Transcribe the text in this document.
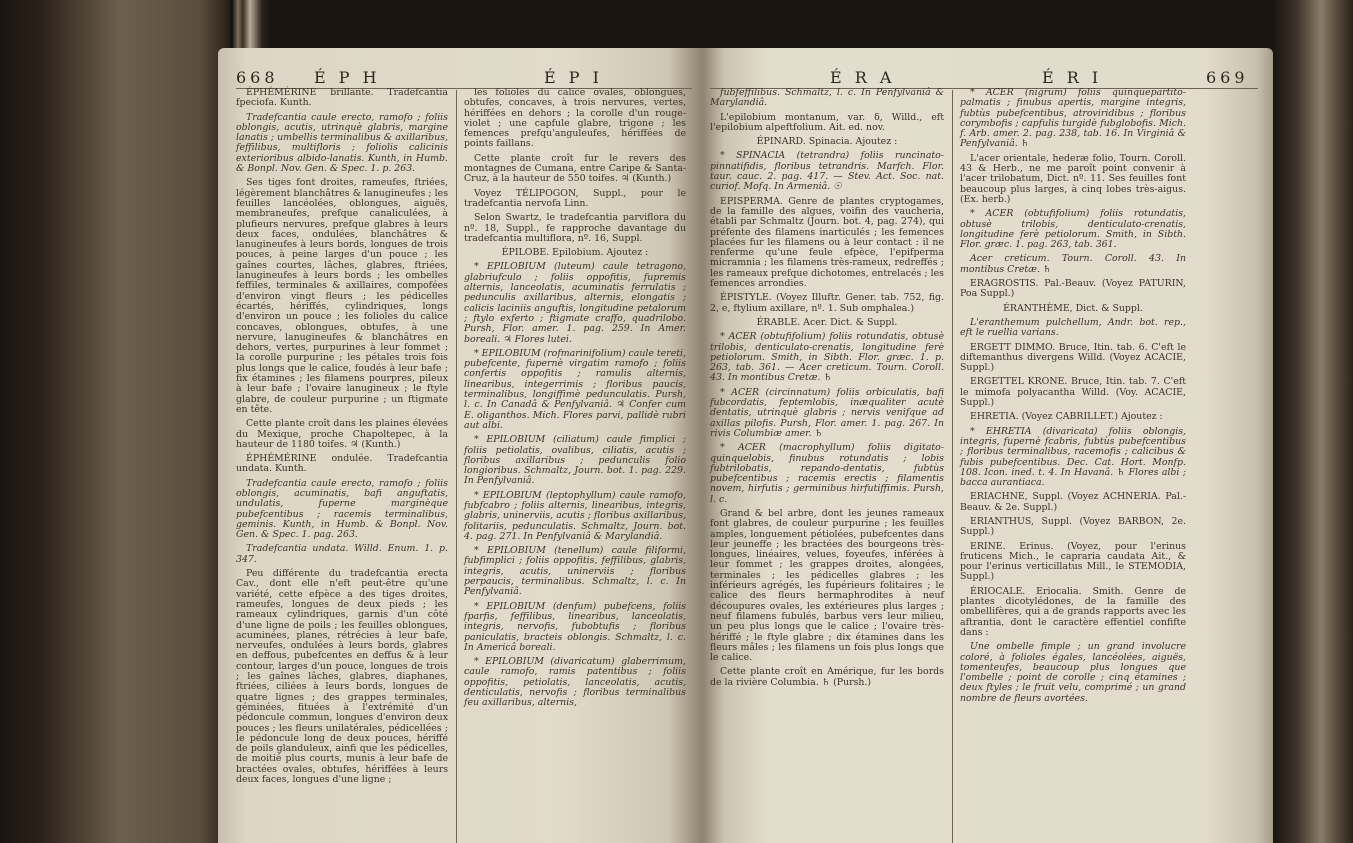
668 É P H	É P I

ÉPHÉMÉRINE brillante. Tradefcantia fpeciofa. Kunth.

Tradefcantia caule erecto, ramofo ; foliis oblongis, acutis, utrinquè glabris, margine lanatis ; umbellis terminalibus & axillaribus, feffilibus, multifloris ; foliolis calicinis exterioribus albido-lanatis. Kunth, in Humb. & Bonpl. Nov. Gen. & Spec. 1. p. 263.

Ses tiges font droites, rameufes, ftriées, légèrement blanchâtres & lanugineufes ; les feuilles lancéolées, oblongues, aiguës, membraneufes, prefque canaliculées, à plufieurs nervures, prefque glabres à leurs deux faces, ondulées, blanchâtres & lanugineufes à leurs bords, longues de trois pouces, à peine larges d'un pouce ; les gaînes courtes, lâches, glabres, ftriées, lanugineufes à leurs bords ; les ombelles feffiles, terminales & axillaires, compofées d'environ vingt fleurs ; les pédicelles écartés, hériffés, cylindriques, longs d'environ un pouce ; les folioles du calice concaves, oblongues, obtufes, à une nervure, lanugineufes & blanchâtres en dehors, vertes, purpurines à leur fommet ; la corolle purpurine ; les pétales trois fois plus longs que le calice, foudés à leur bafe ; fix étamines ; les filamens pourpres, pileux à leur bafe ; l'ovaire lanugineux ; le ftyle glabre, de couleur purpurine ; un ftigmate en tête.

Cette plante croît dans les plaines élevées du Mexique, proche Chapoltepec, à la hauteur de 1180 toifes. ♃ (Kunth.)

ÉPHÉMÉRINE ondulée. Tradefcantia undata. Kunth.

Tradefcantia caule erecto, ramofo ; foliis oblongis, acuminatis, bafi anguftatis, undulatis, fuperne marginèque pubefcentibus ; racemis terminalibus, geminis. Kunth, in Humb. & Bonpl. Nov. Gen. & Spec. 1. pag. 263.

Tradefcantia undata. Willd. Enum. 1. p. 347.

Peu différente du tradefcantia erecta Cav., dont elle n'eft peut-être qu'une variété, cette efpèce a des tiges droites, rameufes, longues de deux pieds ; les rameaux cylindriques, garnis d'un côté d'une ligne de poils ; les feuilles oblongues, acuminées, planes, rétrécies à leur bafe, nerveufes, ondulées à leurs bords, glabres en deffous, pubefcentes en deffus & à leur contour, larges d'un pouce, longues de trois ; les gaînes lâches, glabres, diaphanes, ftriées, ciliées à leurs bords, longues de quatre lignes ; des grappes terminales, géminées, fituées à l'extrémité d'un pédoncule commun, longues d'environ deux pouces ; les fleurs unilatérales, pédicellées ; le pédoncule long de deux pouces, hériffé de poils glanduleux, ainfi que les pédicelles, de moitié plus courts, munis à leur bafe de bractées ovales, obtufes, hériffées à leurs deux faces, longues d'une ligne ;

les folioles du calice ovales, oblongues, obtufes, concaves, à trois nervures, vertes, hériffées en dehors ; la corolle d'un rouge-violet ; une capfule glabre, trigone ; les femences prefqu'anguleufes, hériffées de points faillans.

Cette plante croît fur le revers des montagnes de Cumana, entre Caripe & Santa-Cruz, à la hauteur de 550 toifes. ♃ (Kunth.)

Voyez TÉLIPOGON, Suppl., pour le tradefcantia nervofa Linn.

Selon Swartz, le tradefcantia parviflora du nº. 18, Suppl., fe rapproche davantage du tradefcantia multiflora, nº. 16, Suppl.

ÉPILOBE. Epilobium. Ajoutez :

* EPILOBIUM (luteum) caule tetragono, glabriufculo ; foliis oppofitis, fupremis alternis, lanceolatis, acuminatis ferrulatis ; pedunculis axillaribus, alternis, elongatis ; calicis laciniis anguftis, longitudine petalorum ; ftylo exferto ; ftigmate craffo, quadrilobo. Pursh, Flor. amer. 1. pag. 259. In Amer. boreali. ♃ Flores lutei.

* EPILOBIUM (rofmarinifolium) caule tereti, pubefcente, fupernè virgatim ramofo ; foliis confertis oppofitis ; ramulis alternis, linearibus, integerrimis ; floribus paucis, terminalibus, longiffimè pedunculatis. Pursh, l. c. In Canadâ & Penfylvaniâ. ♃ Confer cum E. oliganthos. Mich. Flores parvi, pallidè rubri aut albi.

* EPILOBIUM (ciliatum) caule fimplici ; foliis petiolatis, ovalibus, ciliatis, acutis ; floribus axillaribus ; pedunculis folio longioribus. Schmaltz, Journ. bot. 1. pag. 229. In Penfylvaniâ.

* EPILOBIUM (leptophyllum) caule ramofo, fubfcabro ; foliis alternis, linearibus, integris, glabris, uninerviis, acutis ; floribus axillaribus, folitariis, pedunculatis. Schmaltz, Journ. bot. 4. pag. 271. In Penfylvaniâ & Marylandiâ.

* EPILOBIUM (tenellum) caule filiformi, fubfimplici ; foliis oppofitis, feffilibus, glabris, integris, acutis, uninerviis ; floribus perpaucis, terminalibus. Schmaltz, l. c. In Penfylvaniâ.

* EPILOBIUM (denfum) pubefcens, foliis fparfis, feffilibus, linearibus, lanceolatis, integris, nervofis, fubobtufis ; floribus paniculatis, bracteis oblongis. Schmaltz, l. c. In Americâ boreali.

* EPILOBIUM (divaricatum) glaberrimum, caule ramofo, ramis patentibus ; foliis oppofitis, petiolatis, lanceolatis, acutis, denticulatis, nervofis ; floribus terminalibus feu axillaribus, alternis,

É R A	É R I	669

fubfeffilibus. Schmaltz, l. c. In Penfylvaniâ & Marylandiâ.

L'epilobium montanum, var. δ, Willd., eft l'epilobium alpeftfolium. Ait. ed. nov.

ÉPINARD. Spinacia. Ajoutez :

* SPINACIA (tetrandra) foliis runcinato-pinnatifidis, floribus tetrandris. Marfch. Flor. taur. cauc. 2. pag. 417. — Stev. Act. Soc. nat. curiof. Mofq. In Armeniâ. ☉

EPISPERMA. Genre de plantes cryptogames, de la famille des algues, voifin des vaucheria, établi par Schmaltz (Journ. bot. 4, pag. 274), qui préfente des filamens inarticulés ; les femences placées fur les filamens ou à leur contact : il ne renferme qu'une feule efpèce, l'epifperma micramnia ; les filamens très-rameux, redreffés ; les rameaux prefque dichotomes, entrelacés ; les femences arrondies.

ÉPISTYLE. (Voyez Illuftr. Gener. tab. 752, fig. 2, e, ftylium axillare, nº. 1. Sub omphalea.)

ÉRABLE. Acer. Dict. & Suppl.

* ACER (obtufifolium) foliis rotundatis, obtusè trilobis, denticulato-crenatis, longitudine ferè petiolorum. Smith, in Sibth. Flor. græc. 1. p. 263, tab. 361. — Acer creticum. Tourn. Coroll. 43. In montibus Cretæ. ♄

* ACER (circinnatum) foliis orbiculatis, bafi fubcordatis, feptemlobis, inæqualiter acutè dentatis, utrinquè glabris ; nervis venifque ad axillas pilofis. Pursh, Flor. amer. 1. pag. 267. In rivis Columbiæ amer. ♄

* ACER (macrophyllum) foliis digitato-quinquelobis, finubus rotundatis ; lobis fubtrilobatis, repando-dentatis, fubtùs pubefcentibus ; racemis erectis ; filamentis novem, hirfutis ; germinibus hirfutiffimis. Pursh, l. c.

Grand & bel arbre, dont les jeunes rameaux font glabres, de couleur purpurine ; les feuilles amples, longuement pétiolées, pubefcentes dans leur jeuneffe ; les bractées des bourgeons très-longues, linéaires, velues, foyeufes, inférées à leur fommet ; les grappes droites, alongées, terminales ; les pédicelles glabres ; les inférieurs agrégés, les fupérieurs folitaires ; le calice des fleurs hermaphrodites à neuf découpures ovales, les extérieures plus larges ; neuf filamens fubulés, barbus vers leur milieu, un peu plus longs que le calice ; l'ovaire très-hériffé ; le ftyle glabre ; dix étamines dans les fleurs mâles ; les filamens un fois plus longs que le calice.

Cette plante croît en Amérique, fur les bords de la rivière Columbia. ♄ (Pursh.)

* ACER (nigrum) foliis quinquepartito-palmatis ; finubus apertis, margine integris, fubtùs pubefcentibus, atroviridibus ; floribus corymbofis ; capfulis turgidè fubglobofis. Mich. f. Arb. amer. 2. pag. 238, tab. 16. In Virginiâ & Penfylvaniâ. ♄

L'acer orientale, hederæ folio, Tourn. Coroll. 43 & Herb., ne me paroît point convenir à l'acer trilobatum, Dict. nº. 11. Ses feuilles font beaucoup plus larges, à cinq lobes très-aigus. (Ex. herb.)

* ACER (obtufifolium) foliis rotundatis, obtusè trilobis, denticulato-crenatis, longitudine ferè petiolorum. Smith, in Sibth. Flor. græc. 1. pag. 263, tab. 361.

Acer creticum. Tourn. Coroll. 43. In montibus Cretæ. ♄

ERAGROSTIS. Pal.-Beauv. (Voyez PATURIN, Poa Suppl.)

ÉRANTHÈME, Dict. & Suppl.

L'eranthemum pulchellum, Andr. bot. rep., eft le ruellia varians.

ERGETT DIMMO. Bruce, Itin. tab. 6. C'eft le diftemanthus divergens Willd. (Voyez ACACIE, Suppl.)

ERGETTEL KRONE. Bruce, Itin. tab. 7. C'eft le mimofa polyacantha Willd. (Voy. ACACIE, Suppl.)

EHRETIA. (Voyez CABRILLET.) Ajoutez :

* EHRETIA (divaricata) foliis oblongis, integris, fupernè fcabris, fubtùs pubefcentibus ; floribus terminalibus, racemofis ; calicibus & fubis pubefcentibus. Dec. Cat. Hort. Monfp. 108. Icon. ined. t. 4. In Havanâ. ♄ Flores albi ; bacca aurantiaca.

ERIACHNE, Suppl. (Voyez ACHNERIA. Pal.-Beauv. & 2e. Suppl.)

ERIANTHUS, Suppl. (Voyez BARBON, 2e. Suppl.)

ERINE. Erinus. (Voyez, pour l'erinus fruticens Mich., le capraria caudata Ait., & pour l'erinus verticillatus Mill., le STEMODIA, Suppl.)

ÉRIOCALE. Eriocalia. Smith. Genre de plantes dicotylédones, de la famille des ombellifères, qui a de grands rapports avec les aftrantia, dont le caractère effentiel confifte dans :

Une ombelle fimple ; un grand involucre coloré, à folioles égales, lancéolées, aiguës, tomenteufes, beaucoup plus longues que l'ombelle ; point de corolle ; cinq étamines ; deux ftyles ; le fruit velu, comprimé ; un grand nombre de fleurs avortées.
